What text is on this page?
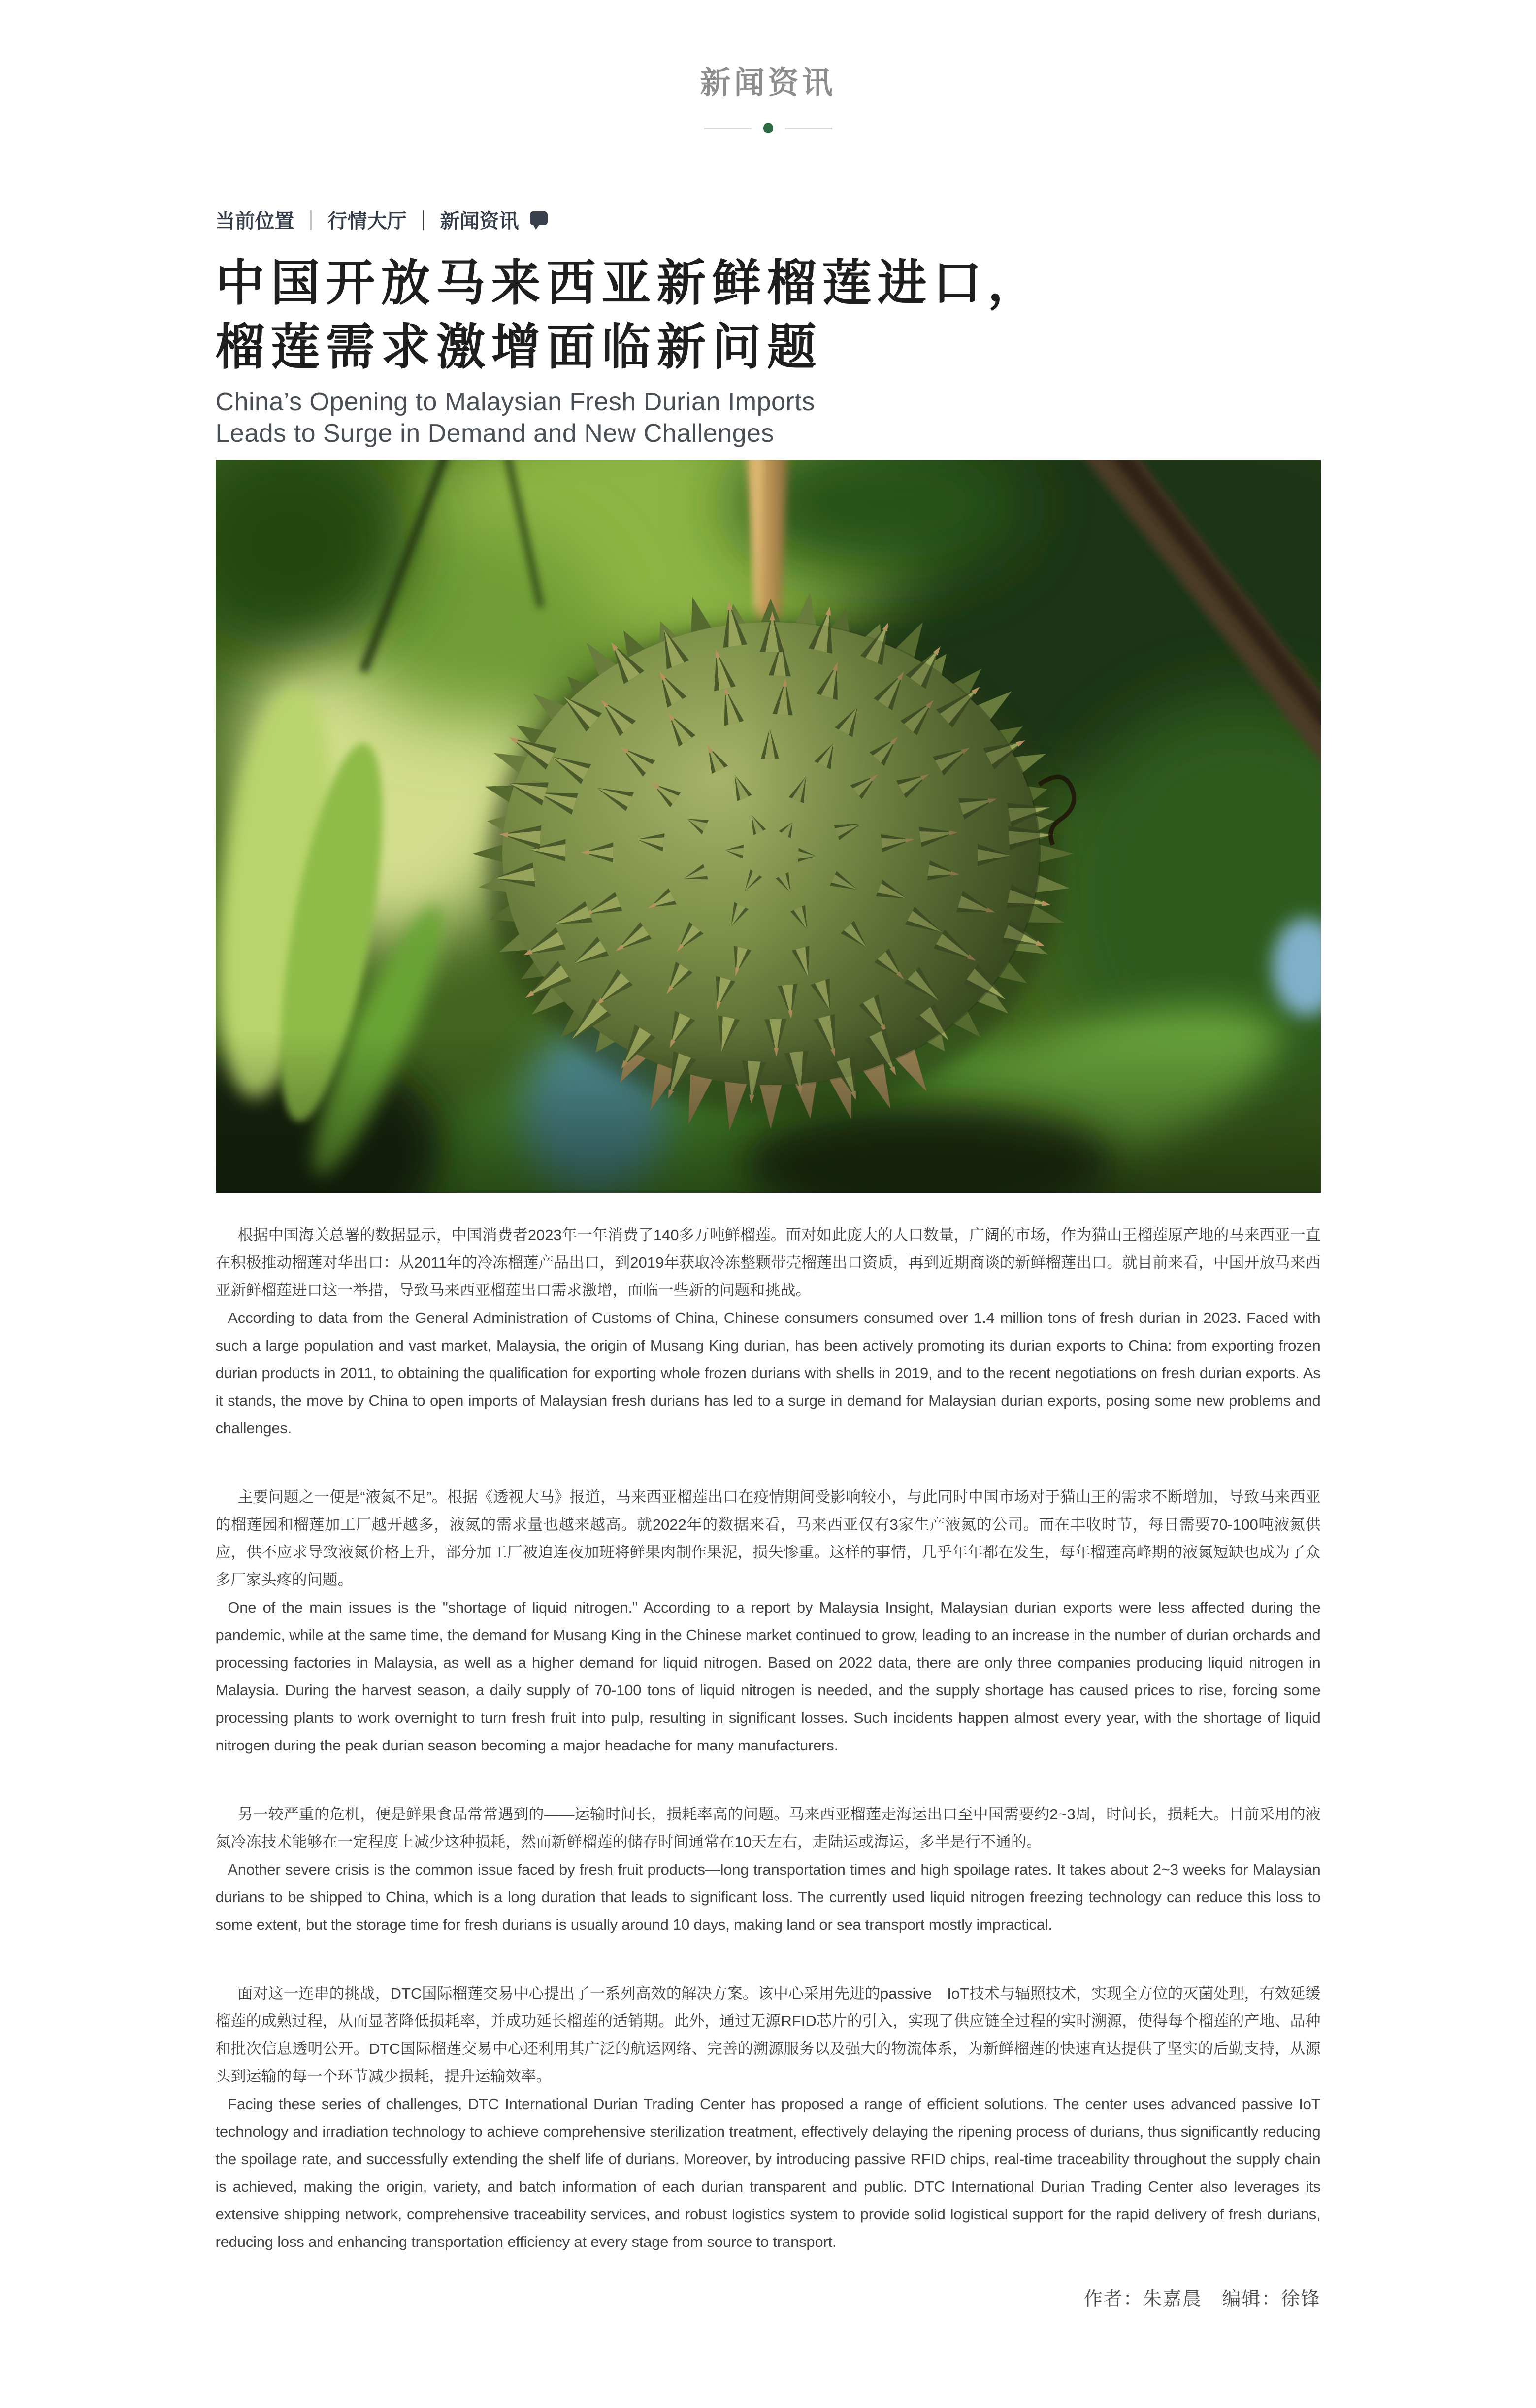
新闻资讯
当前位置 ｜ 行情大厅 ｜ 新闻资讯
中国开放马来西亚新鲜榴莲进口，
榴莲需求激增面临新问题
China’s Opening to Malaysian Fresh Durian Imports
Leads to Surge in Demand and New Challenges

根据中国海关总署的数据显示，中国消费者2023年一年消费了140多万吨鲜榴莲。面对如此庞大的人口数量，广阔的市场，作为猫山王榴莲原产地的马来西亚一直在积极推动榴莲对华出口：从2011年的冷冻榴莲产品出口，到2019年获取冷冻整颗带壳榴莲出口资质，再到近期商谈的新鲜榴莲出口。就目前来看，中国开放马来西亚新鲜榴莲进口这一举措，导致马来西亚榴莲出口需求激增，面临一些新的问题和挑战。

According to data from the General Administration of Customs of China, Chinese consumers consumed over 1.4 million tons of fresh durian in 2023. Faced with such a large population and vast market, Malaysia, the origin of Musang King durian, has been actively promoting its durian exports to China: from exporting frozen durian products in 2011, to obtaining the qualification for exporting whole frozen durians with shells in 2019, and to the recent negotiations on fresh durian exports. As it stands, the move by China to open imports of Malaysian fresh durians has led to a surge in demand for Malaysian durian exports, posing some new problems and challenges.

主要问题之一便是“液氮不足”。根据《透视大马》报道，马来西亚榴莲出口在疫情期间受影响较小，与此同时中国市场对于猫山王的需求不断增加，导致马来西亚的榴莲园和榴莲加工厂越开越多，液氮的需求量也越来越高。就2022年的数据来看，马来西亚仅有3家生产液氮的公司。而在丰收时节，每日需要70-100吨液氮供应，供不应求导致液氮价格上升，部分加工厂被迫连夜加班将鲜果肉制作果泥，损失惨重。这样的事情，几乎年年都在发生，每年榴莲高峰期的液氮短缺也成为了众多厂家头疼的问题。

One of the main issues is the "shortage of liquid nitrogen." According to a report by Malaysia Insight, Malaysian durian exports were less affected during the pandemic, while at the same time, the demand for Musang King in the Chinese market continued to grow, leading to an increase in the number of durian orchards and processing factories in Malaysia, as well as a higher demand for liquid nitrogen. Based on 2022 data, there are only three companies producing liquid nitrogen in Malaysia. During the harvest season, a daily supply of 70-100 tons of liquid nitrogen is needed, and the supply shortage has caused prices to rise, forcing some processing plants to work overnight to turn fresh fruit into pulp, resulting in significant losses. Such incidents happen almost every year, with the shortage of liquid nitrogen during the peak durian season becoming a major headache for many manufacturers.

另一较严重的危机，便是鲜果食品常常遇到的——运输时间长，损耗率高的问题。马来西亚榴莲走海运出口至中国需要约2~3周，时间长，损耗大。目前采用的液氮冷冻技术能够在一定程度上减少这种损耗，然而新鲜榴莲的储存时间通常在10天左右，走陆运或海运，多半是行不通的。

Another severe crisis is the common issue faced by fresh fruit products—long transportation times and high spoilage rates. It takes about 2~3 weeks for Malaysian durians to be shipped to China, which is a long duration that leads to significant loss. The currently used liquid nitrogen freezing technology can reduce this loss to some extent, but the storage time for fresh durians is usually around 10 days, making land or sea transport mostly impractical.

面对这一连串的挑战，DTC国际榴莲交易中心提出了一系列高效的解决方案。该中心采用先进的passive　IoT技术与辐照技术，实现全方位的灭菌处理，有效延缓榴莲的成熟过程，从而显著降低损耗率，并成功延长榴莲的适销期。此外，通过无源RFID芯片的引入，实现了供应链全过程的实时溯源，使得每个榴莲的产地、品种和批次信息透明公开。DTC国际榴莲交易中心还利用其广泛的航运网络、完善的溯源服务以及强大的物流体系，为新鲜榴莲的快速直达提供了坚实的后勤支持，从源头到运输的每一个环节减少损耗，提升运输效率。

Facing these series of challenges, DTC International Durian Trading Center has proposed a range of efficient solutions. The center uses advanced passive IoT technology and irradiation technology to achieve comprehensive sterilization treatment, effectively delaying the ripening process of durians, thus significantly reducing the spoilage rate, and successfully extending the shelf life of durians. Moreover, by introducing passive RFID chips, real-time traceability throughout the supply chain is achieved, making the origin, variety, and batch information of each durian transparent and public. DTC International Durian Trading Center also leverages its extensive shipping network, comprehensive traceability services, and robust logistics system to provide solid logistical support for the rapid delivery of fresh durians, reducing loss and enhancing transportation efficiency at every stage from source to transport.

作者：朱嘉晨 编辑：徐锋
